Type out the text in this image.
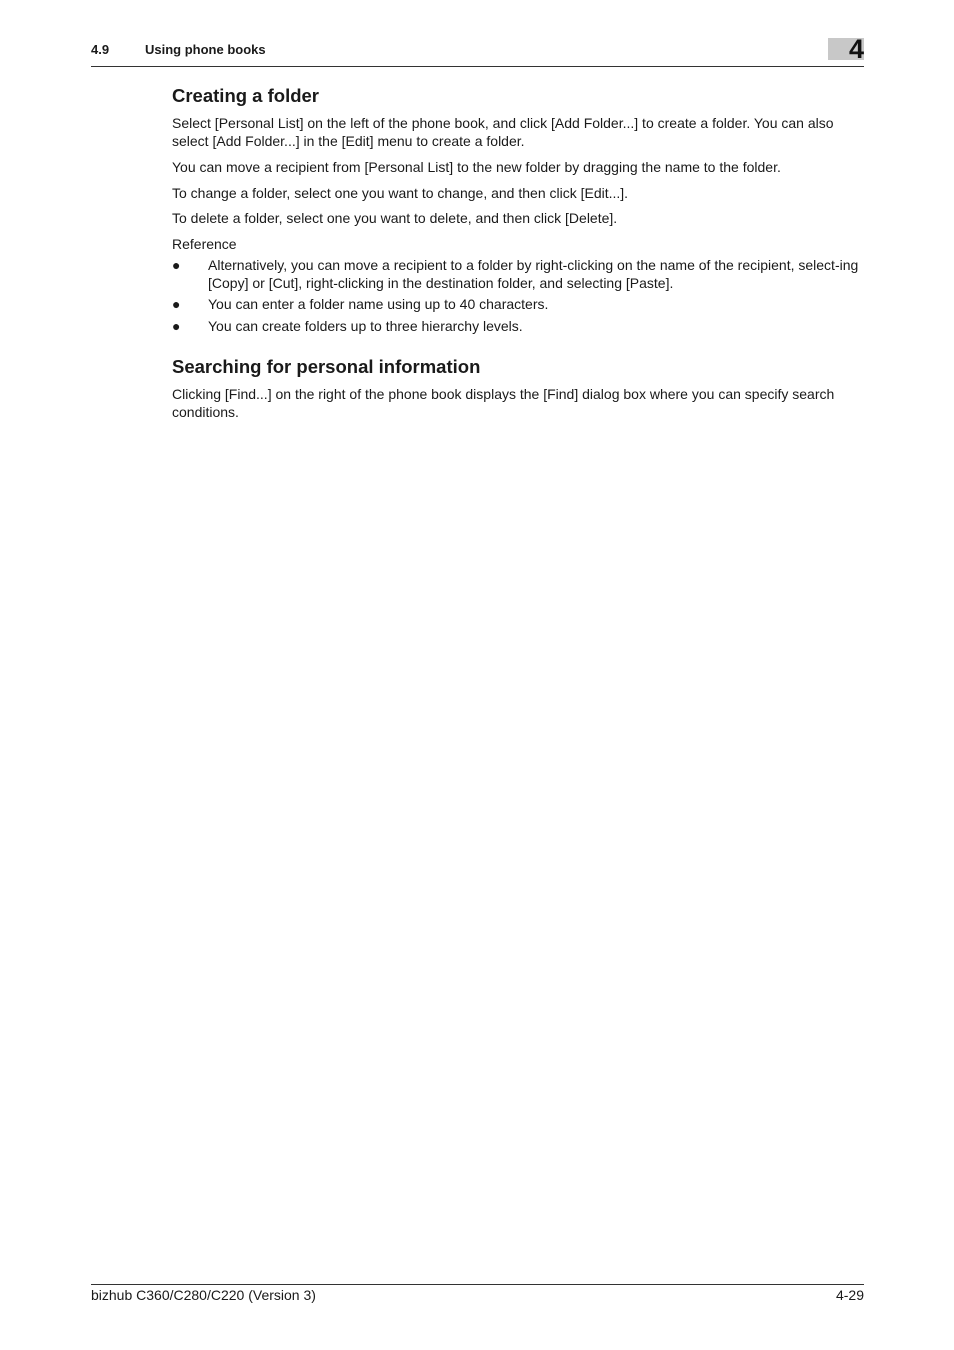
4.9	Using phone books	4
Creating a folder

Select [Personal List] on the left of the phone book, and click [Add Folder...] to create a folder. You can also select [Add Folder...] in the [Edit] menu to create a folder.

You can move a recipient from [Personal List] to the new folder by dragging the name to the folder.

To change a folder, select one you want to change, and then click [Edit...].

To delete a folder, select one you want to delete, and then click [Delete].

Reference

● Alternatively, you can move a recipient to a folder by right-clicking on the name of the recipient, select-ing [Copy] or [Cut], right-clicking in the destination folder, and selecting [Paste].
● You can enter a folder name using up to 40 characters.
● You can create folders up to three hierarchy levels.
Searching for personal information

Clicking [Find...] on the right of the phone book displays the [Find] dialog box where you can specify search conditions.

bizhub C360/C280/C220 (Version 3)	4-29
